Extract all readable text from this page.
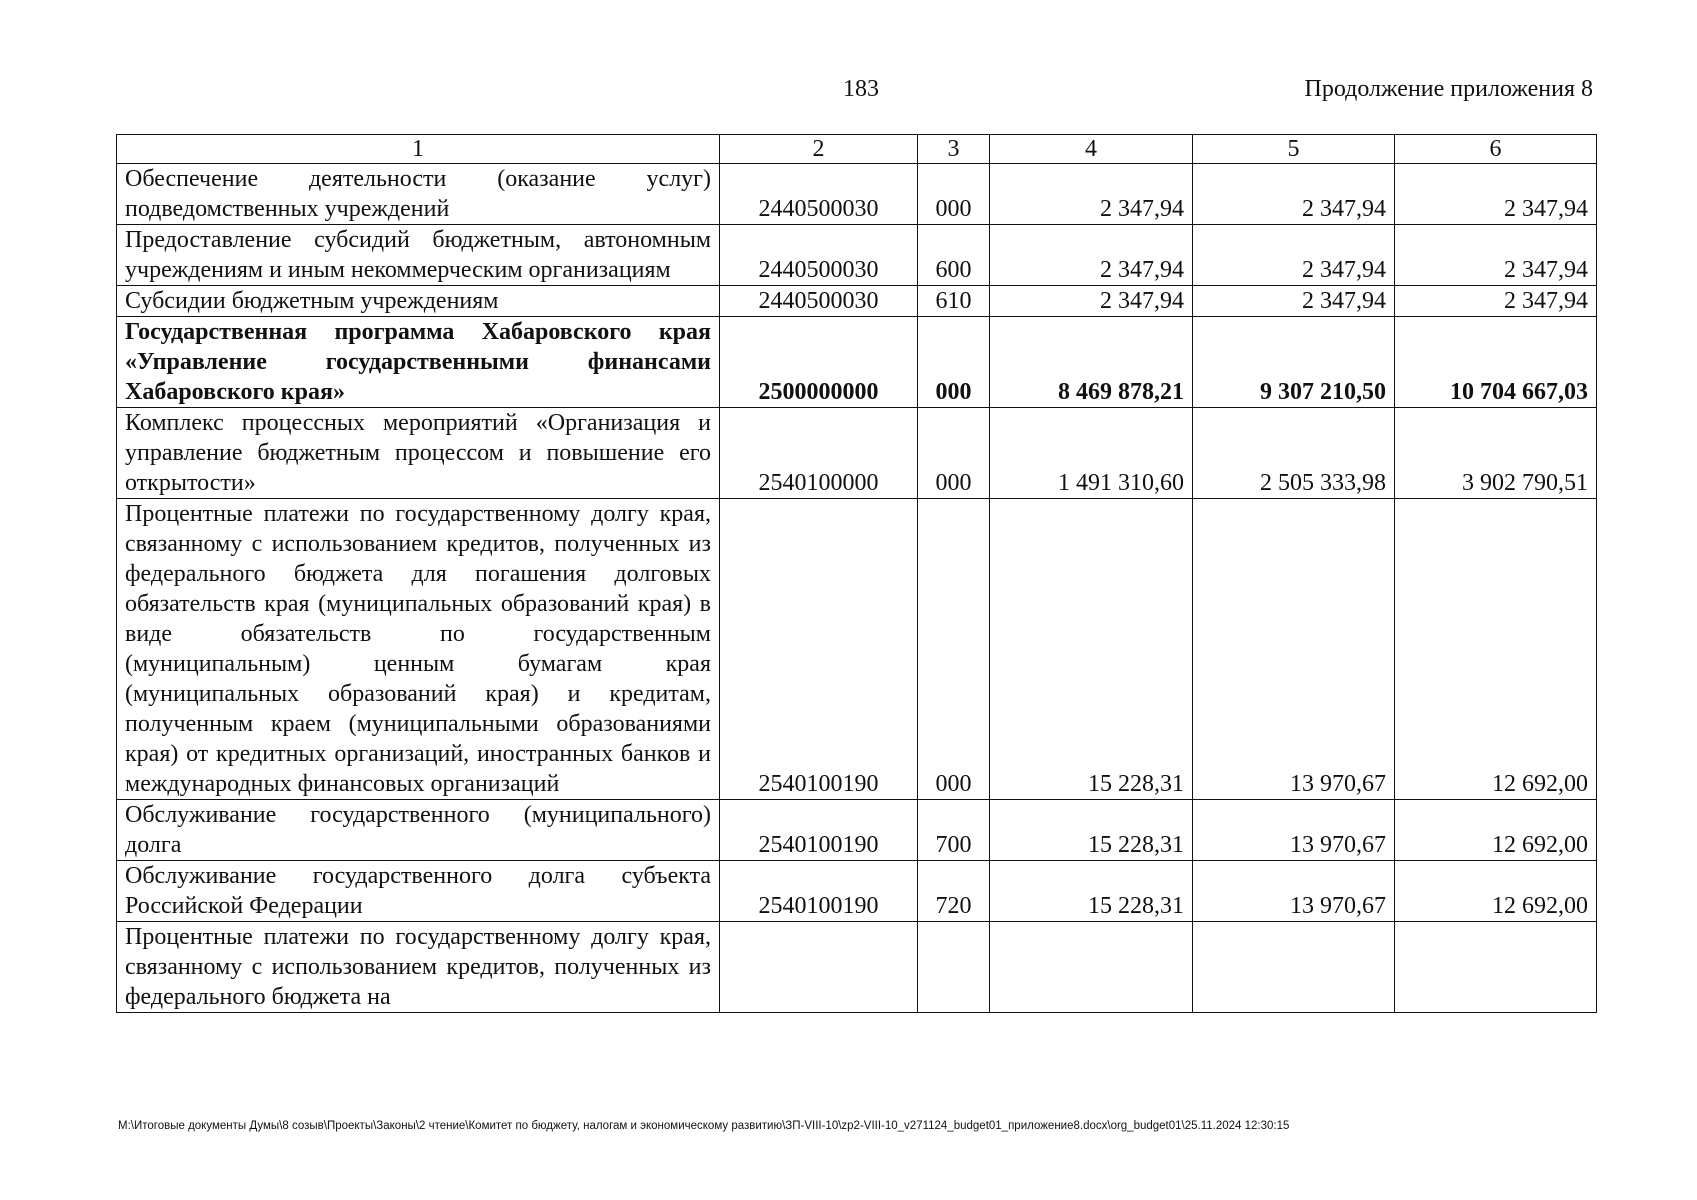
183	Продолжение приложения 8
1	2	3	4	5	6
Обеспечение деятельности (оказание услуг) подведомственных учреждений	2440500030	000	2 347,94	2 347,94	2 347,94
Предоставление субсидий бюджетным, автономным учреждениям и иным некоммерческим организациям	2440500030	600	2 347,94	2 347,94	2 347,94
Субсидии бюджетным учреждениям	2440500030	610	2 347,94	2 347,94	2 347,94
Государственная программа Хабаровского края «Управление государственными финансами Хабаровского края»	2500000000	000	8 469 878,21	9 307 210,50	10 704 667,03
Комплекс процессных мероприятий «Организация и управление бюджетным процессом и повышение его открытости»	2540100000	000	1 491 310,60	2 505 333,98	3 902 790,51
Процентные платежи по государственному долгу края, связанному с использованием кредитов, полученных из федерального бюджета для погашения долговых обязательств края (муниципальных образований края) в виде обязательств по государственным (муниципальным) ценным бумагам края (муниципальных образований края) и кредитам, полученным краем (муниципальными образованиями края) от кредитных организаций, иностранных банков и международных финансовых организаций	2540100190	000	15 228,31	13 970,67	12 692,00
Обслуживание государственного (муниципального) долга	2540100190	700	15 228,31	13 970,67	12 692,00
Обслуживание государственного долга субъекта Российской Федерации	2540100190	720	15 228,31	13 970,67	12 692,00
Процентные платежи по государственному долгу края, связанному с использованием кредитов, полученных из федерального бюджета на					
M:\Итоговые документы Думы\8 созыв\Проекты\Законы\2 чтение\Комитет по бюджету, налогам и экономическому развитию\ЗП-VIII-10\zp2-VIII-10_v271124_budget01_приложение8.docx\org_budget01\25.11.2024 12:30:15
